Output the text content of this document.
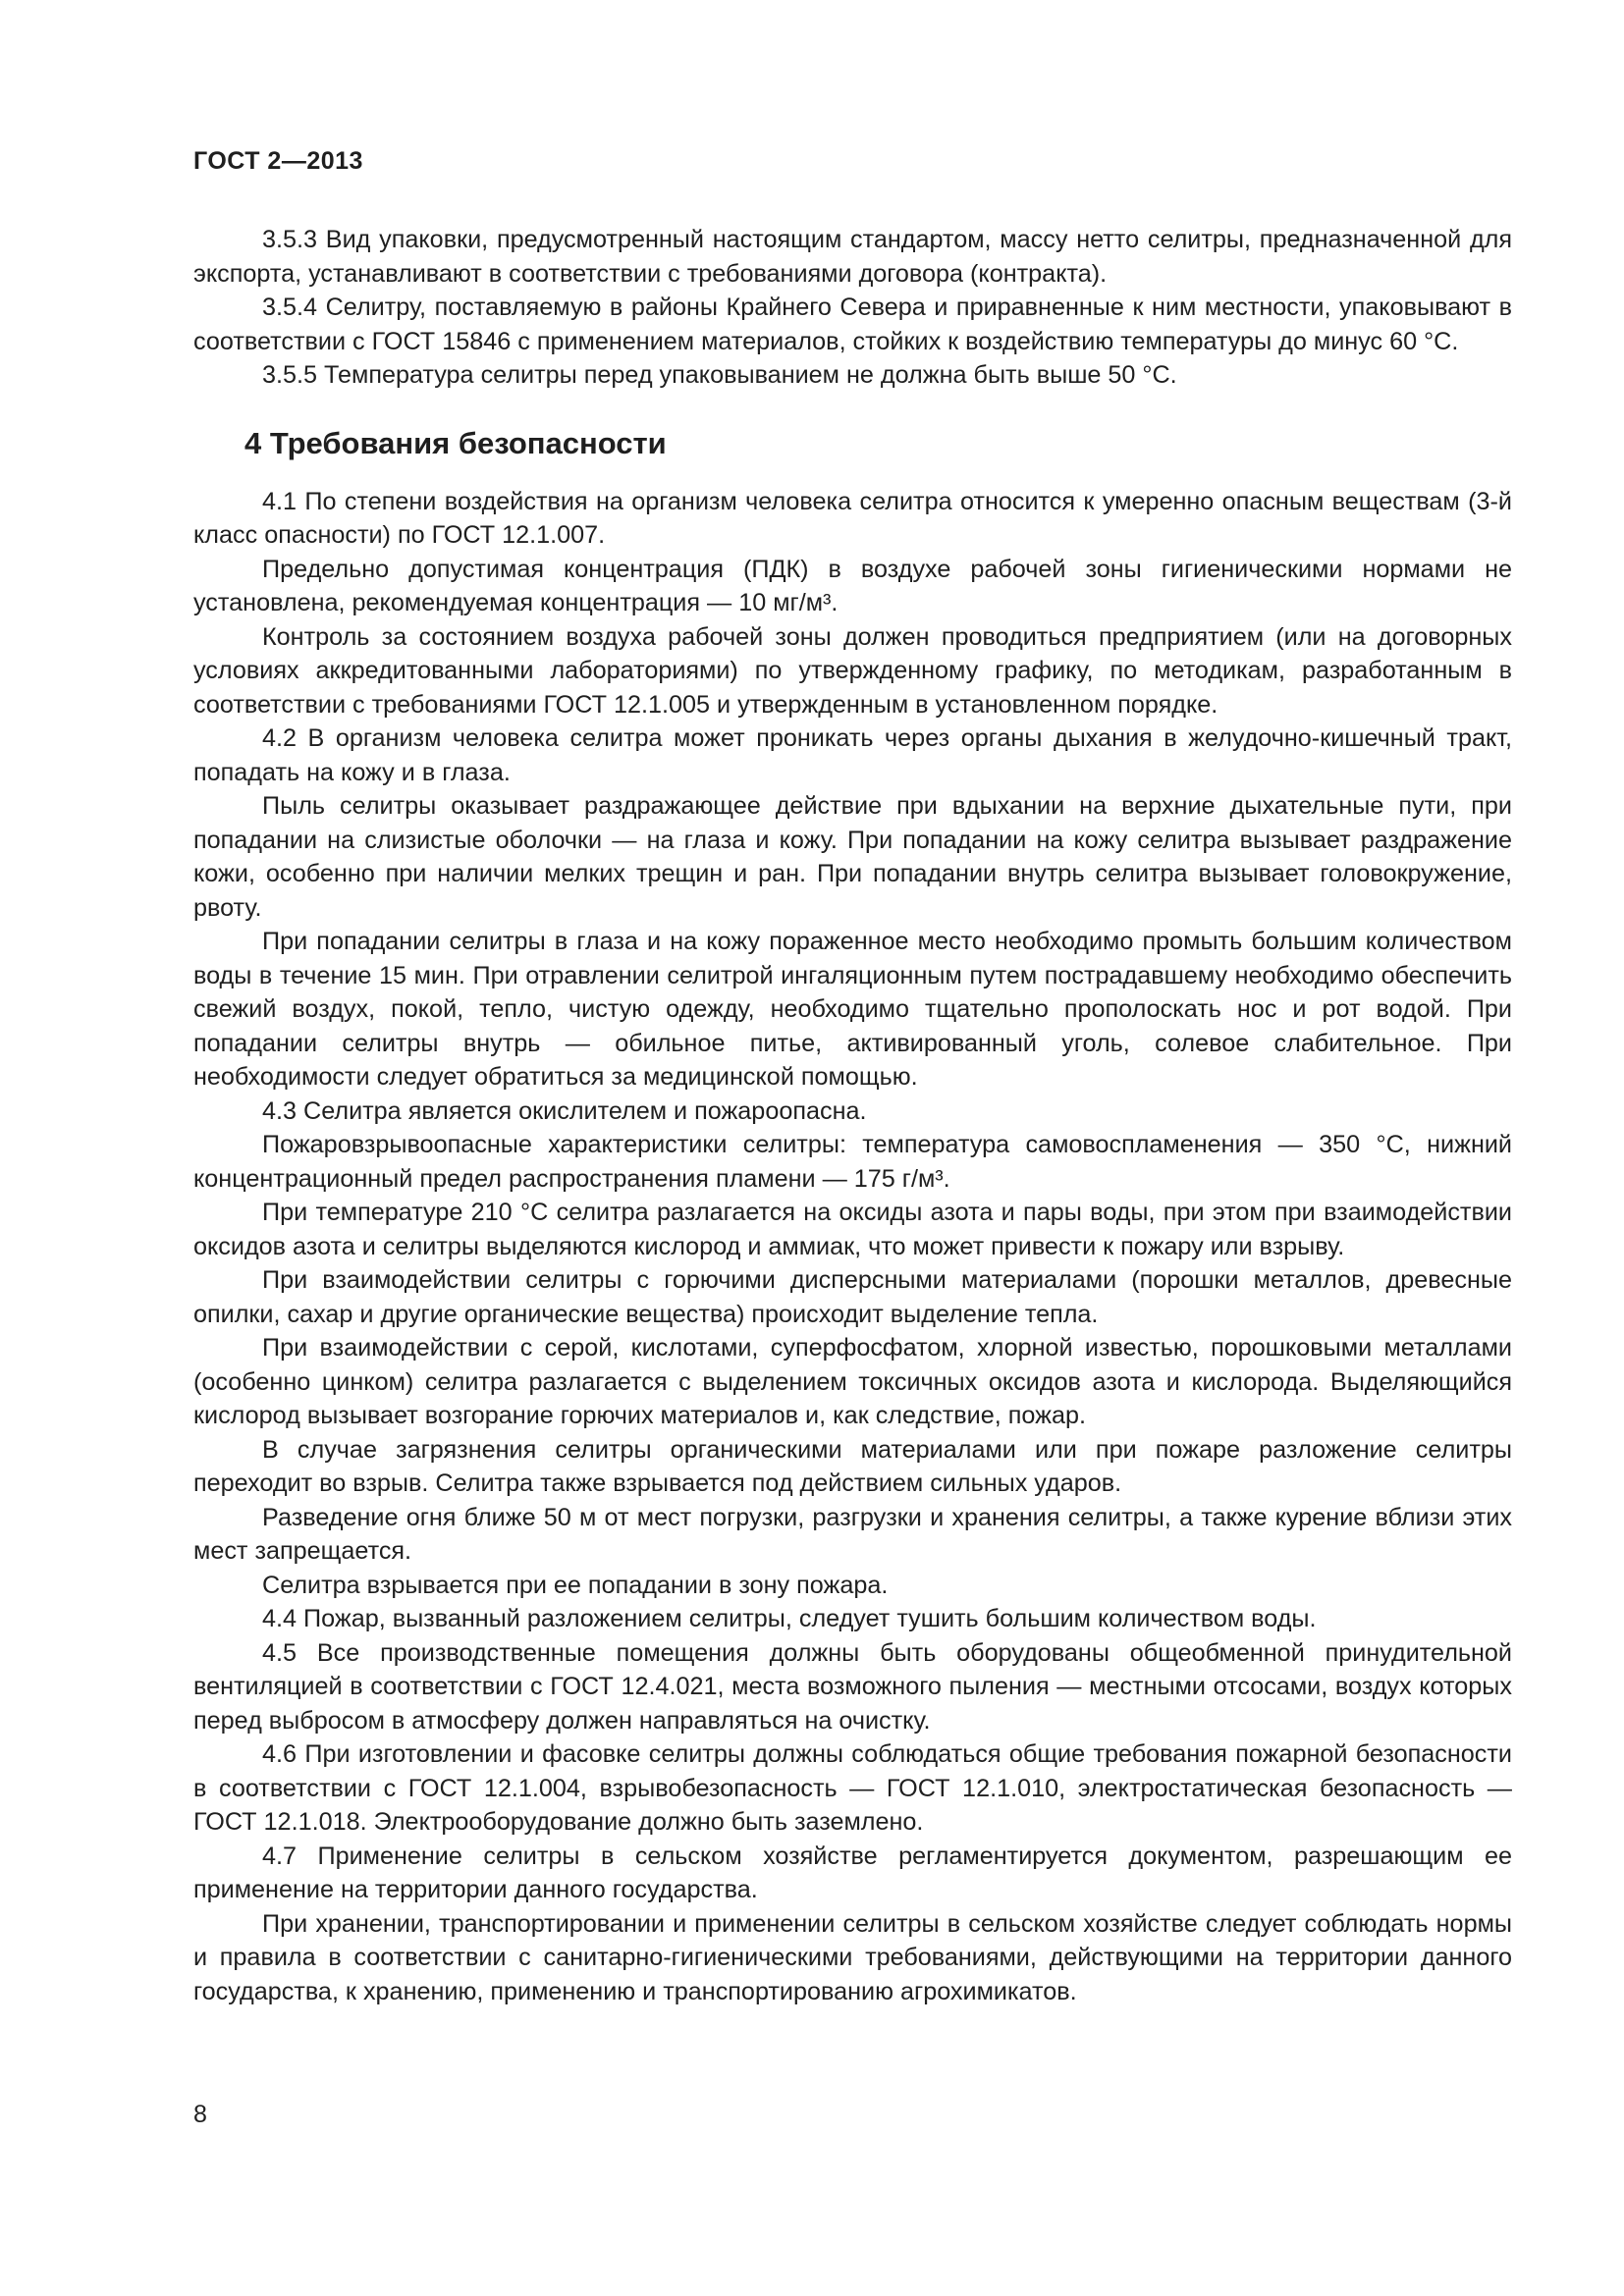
ГОСТ 2—2013

3.5.3 Вид упаковки, предусмотренный настоящим стандартом, массу нетто селитры, предназначенной для экспорта, устанавливают в соответствии с требованиями договора (контракта).

3.5.4 Селитру, поставляемую в районы Крайнего Севера и приравненные к ним местности, упаковывают в соответствии с ГОСТ 15846 с применением материалов, стойких к воздействию температуры до минус 60 °С.

3.5.5 Температура селитры перед упаковыванием не должна быть выше 50 °С.

4 Требования безопасности

4.1 По степени воздействия на организм человека селитра относится к умеренно опасным веществам (3-й класс опасности) по ГОСТ 12.1.007.

Предельно допустимая концентрация (ПДК) в воздухе рабочей зоны гигиеническими нормами не установлена, рекомендуемая концентрация — 10 мг/м³.

Контроль за состоянием воздуха рабочей зоны должен проводиться предприятием (или на договорных условиях аккредитованными лабораториями) по утвержденному графику, по методикам, разработанным в соответствии с требованиями ГОСТ 12.1.005 и утвержденным в установленном порядке.

4.2 В организм человека селитра может проникать через органы дыхания в желудочно-кишечный тракт, попадать на кожу и в глаза.

Пыль селитры оказывает раздражающее действие при вдыхании на верхние дыхательные пути, при попадании на слизистые оболочки — на глаза и кожу. При попадании на кожу селитра вызывает раздражение кожи, особенно при наличии мелких трещин и ран. При попадании внутрь селитра вызывает головокружение, рвоту.

При попадании селитры в глаза и на кожу пораженное место необходимо промыть большим количеством воды в течение 15 мин. При отравлении селитрой ингаляционным путем пострадавшему необходимо обеспечить свежий воздух, покой, тепло, чистую одежду, необходимо тщательно прополоскать нос и рот водой. При попадании селитры внутрь — обильное питье, активированный уголь, солевое слабительное. При необходимости следует обратиться за медицинской помощью.

4.3 Селитра является окислителем и пожароопасна.

Пожаровзрывоопасные характеристики селитры: температура самовоспламенения — 350 °С, нижний концентрационный предел распространения пламени — 175 г/м³.

При температуре 210 °С селитра разлагается на оксиды азота и пары воды, при этом при взаимодействии оксидов азота и селитры выделяются кислород и аммиак, что может привести к пожару или взрыву.

При взаимодействии селитры с горючими дисперсными материалами (порошки металлов, древесные опилки, сахар и другие органические вещества) происходит выделение тепла.

При взаимодействии с серой, кислотами, суперфосфатом, хлорной известью, порошковыми металлами (особенно цинком) селитра разлагается с выделением токсичных оксидов азота и кислорода. Выделяющийся кислород вызывает возгорание горючих материалов и, как следствие, пожар.

В случае загрязнения селитры органическими материалами или при пожаре разложение селитры переходит во взрыв. Селитра также взрывается под действием сильных ударов.

Разведение огня ближе 50 м от мест погрузки, разгрузки и хранения селитры, а также курение вблизи этих мест запрещается.

Селитра взрывается при ее попадании в зону пожара.

4.4 Пожар, вызванный разложением селитры, следует тушить большим количеством воды.

4.5 Все производственные помещения должны быть оборудованы общеобменной принудительной вентиляцией в соответствии с ГОСТ 12.4.021, места возможного пыления — местными отсосами, воздух которых перед выбросом в атмосферу должен направляться на очистку.

4.6 При изготовлении и фасовке селитры должны соблюдаться общие требования пожарной безопасности в соответствии с ГОСТ 12.1.004, взрывобезопасность — ГОСТ 12.1.010, электростатическая безопасность — ГОСТ 12.1.018. Электрооборудование должно быть заземлено.

4.7 Применение селитры в сельском хозяйстве регламентируется документом, разрешающим ее применение на территории данного государства.

При хранении, транспортировании и применении селитры в сельском хозяйстве следует соблюдать нормы и правила в соответствии с санитарно-гигиеническими требованиями, действующими на территории данного государства, к хранению, применению и транспортированию агрохимикатов.

8
